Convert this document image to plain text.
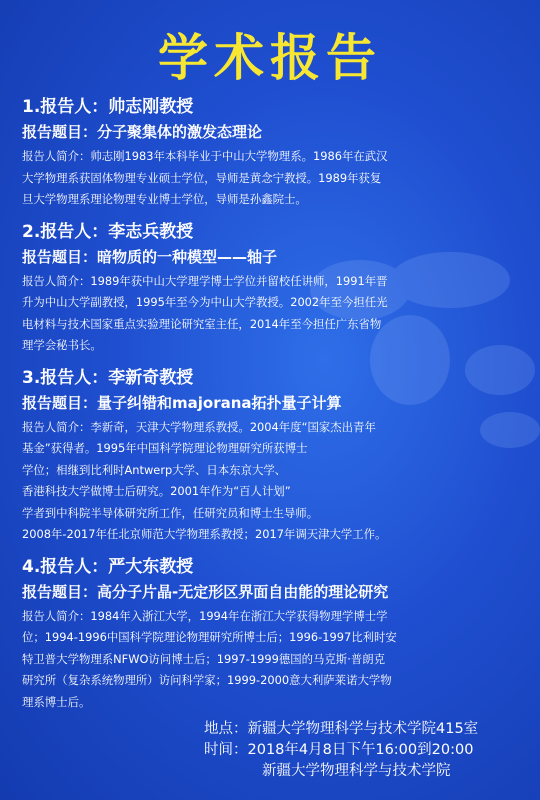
学术报告

1.报告人：帅志刚教授

报告题目：分子聚集体的激发态理论

报告人简介：帅志刚1983年本科毕业于中山大学物理系。1986年在武汉
大学物理系获固体物理专业硕士学位，导师是黄念宁教授。1989年获复
旦大学物理系理论物理专业博士学位，导师是孙鑫院士。

2.报告人：李志兵教授

报告题目：暗物质的一种模型——轴子

报告人简介：1989年获中山大学理学博士学位并留校任讲师，1991年晋
升为中山大学副教授，1995年至今为中山大学教授。2002年至今担任光
电材料与技术国家重点实验理论研究室主任，2014年至今担任广东省物
理学会秘书长。

3.报告人：李新奇教授

报告题目：量子纠错和majorana拓扑量子计算

报告人简介：李新奇，天津大学物理系教授。2004年度“国家杰出青年
基金”获得者。1995年中国科学院理论物理研究所获博士
学位；相继到比利时Antwerp大学、日本东京大学、
香港科技大学做博士后研究。2001年作为“百人计划”
学者到中科院半导体研究所工作，任研究员和博士生导师。
2008年-2017年任北京师范大学物理系教授；2017年调天津大学工作。

4.报告人：严大东教授

报告题目：高分子片晶-无定形区界面自由能的理论研究

报告人简介：1984年入浙江大学，1994年在浙江大学获得物理学博士学
位；1994-1996中国科学院理论物理研究所博士后；1996-1997比利时安
特卫普大学物理系NFWO访问博士后；1997-1999德国的马克斯·普朗克
研究所（复杂系统物理所）访问科学家；1999-2000意大利萨莱诺大学物
理系博士后。

地点：新疆大学物理科学与技术学院415室
时间：2018年4月8日下午16:00到20:00
新疆大学物理科学与技术学院
